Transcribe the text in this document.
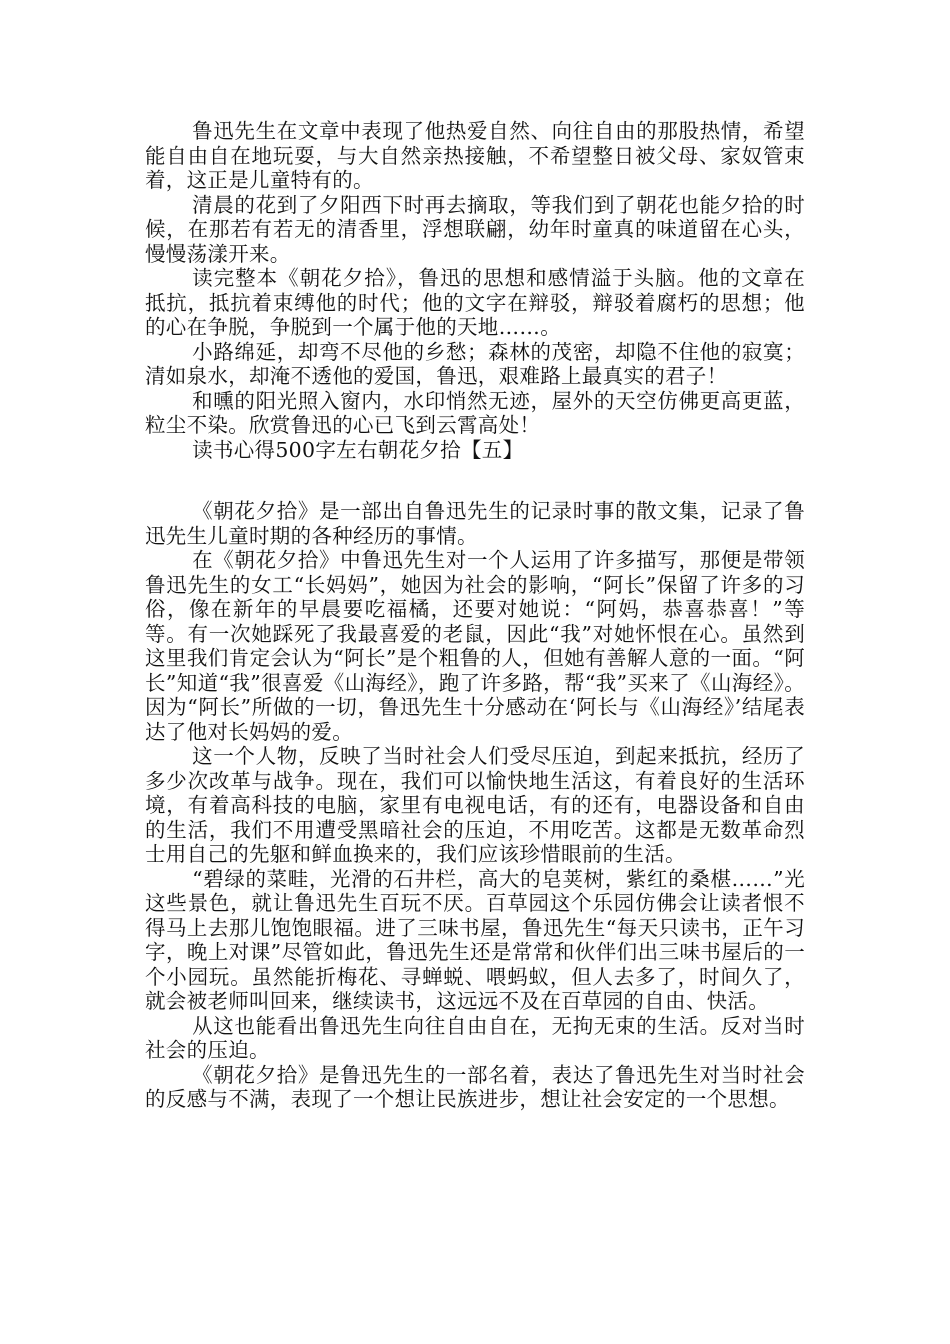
鲁迅先生在文章中表现了他热爱自然、向往自由的那股热情，希望能自由自在地玩耍，与大自然亲热接触，不希望整日被父母、家奴管束着，这正是儿童特有的。

清晨的花到了夕阳西下时再去摘取，等我们到了朝花也能夕拾的时候，在那若有若无的清香里，浮想联翩，幼年时童真的味道留在心头，慢慢荡漾开来。

读完整本《朝花夕拾》，鲁迅的思想和感情溢于头脑。他的文章在抵抗，抵抗着束缚他的时代；他的文字在辩驳，辩驳着腐朽的思想；他的心在争脱，争脱到一个属于他的天地……。

小路绵延，却弯不尽他的乡愁；森林的茂密，却隐不住他的寂寞；清如泉水，却淹不透他的爱国，鲁迅，艰难路上最真实的君子！

和曛的阳光照入窗内，水印悄然无迹，屋外的天空仿佛更高更蓝，粒尘不染。欣赏鲁迅的心已飞到云霄高处！

读书心得500字左右朝花夕拾【五】

《朝花夕拾》是一部出自鲁迅先生的记录时事的散文集，记录了鲁迅先生儿童时期的各种经历的事情。

在《朝花夕拾》中鲁迅先生对一个人运用了许多描写，那便是带领鲁迅先生的女工“长妈妈”，她因为社会的影响，“阿长”保留了许多的习俗，像在新年的早晨要吃福橘，还要对她说：“阿妈，恭喜恭喜！”等等。有一次她踩死了我最喜爱的老鼠，因此“我”对她怀恨在心。虽然到这里我们肯定会认为“阿长”是个粗鲁的人，但她有善解人意的一面。“阿长”知道“我”很喜爱《山海经》，跑了许多路，帮“我”买来了《山海经》。因为“阿长”所做的一切，鲁迅先生十分感动在‘阿长与《山海经》’结尾表达了他对长妈妈的爱。

这一个人物，反映了当时社会人们受尽压迫，到起来抵抗，经历了多少次改革与战争。现在，我们可以愉快地生活这，有着良好的生活环境，有着高科技的电脑，家里有电视电话，有的还有，电器设备和自由的生活，我们不用遭受黑暗社会的压迫，不用吃苦。这都是无数革命烈士用自己的先躯和鲜血换来的，我们应该珍惜眼前的生活。

“碧绿的菜畦，光滑的石井栏，高大的皂荚树，紫红的桑椹……”光这些景色，就让鲁迅先生百玩不厌。百草园这个乐园仿佛会让读者恨不得马上去那儿饱饱眼福。进了三味书屋，鲁迅先生“每天只读书，正午习字，晚上对课”尽管如此，鲁迅先生还是常常和伙伴们出三味书屋后的一个小园玩。虽然能折梅花、寻蝉蜕、喂蚂蚁，但人去多了，时间久了，就会被老师叫回来，继续读书，这远远不及在百草园的自由、快活。

从这也能看出鲁迅先生向往自由自在，无拘无束的生活。反对当时社会的压迫。

《朝花夕拾》是鲁迅先生的一部名着，表达了鲁迅先生对当时社会的反感与不满，表现了一个想让民族进步，想让社会安定的一个思想。
